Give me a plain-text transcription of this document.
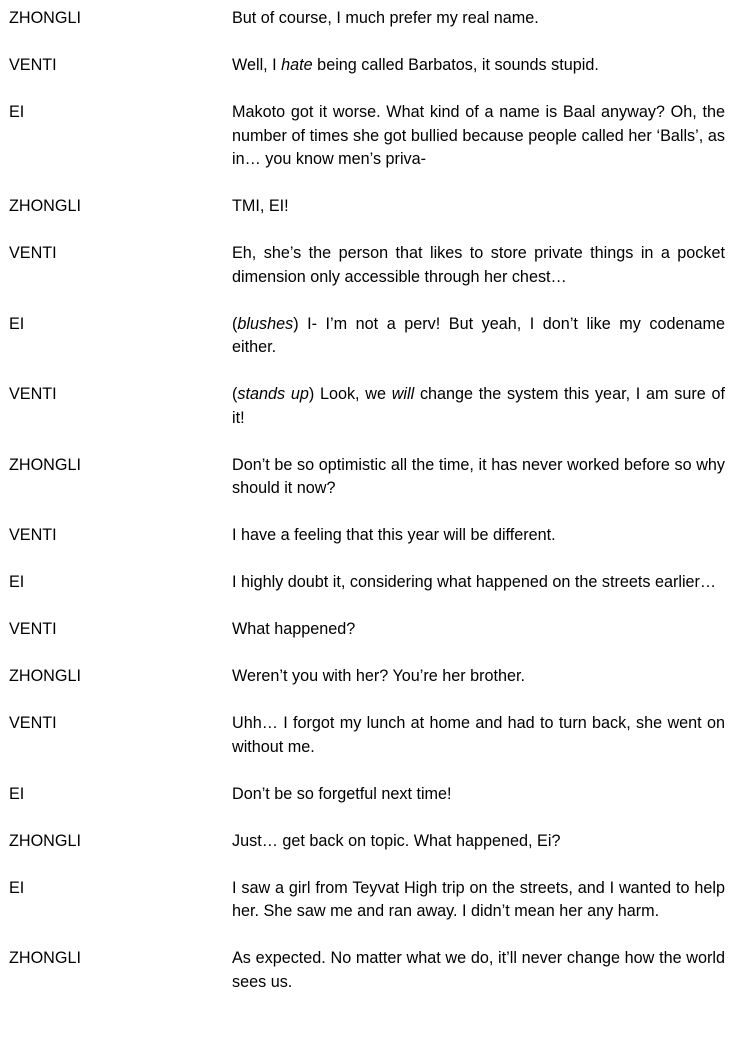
ZHONGLI	But of course, I much prefer my real name.
VENTI	Well, I hate being called Barbatos, it sounds stupid.
EI	Makoto got it worse. What kind of a name is Baal anyway? Oh, the number of times she got bullied because people called her ‘Balls’, as in… you know men’s priva-
ZHONGLI	TMI, EI!
VENTI	Eh, she’s the person that likes to store private things in a pocket dimension only accessible through her chest…
EI	(blushes) I- I’m not a perv! But yeah, I don’t like my codename either.
VENTI	(stands up) Look, we will change the system this year, I am sure of it!
ZHONGLI	Don’t be so optimistic all the time, it has never worked before so why should it now?
VENTI	I have a feeling that this year will be different.
EI	I highly doubt it, considering what happened on the streets earlier…
VENTI	What happened?
ZHONGLI	Weren’t you with her? You’re her brother.
VENTI	Uhh… I forgot my lunch at home and had to turn back, she went on without me.
EI	Don’t be so forgetful next time!
ZHONGLI	Just… get back on topic. What happened, Ei?
EI	I saw a girl from Teyvat High trip on the streets, and I wanted to help her. She saw me and ran away. I didn’t mean her any harm.
ZHONGLI	As expected. No matter what we do, it’ll never change how the world sees us.
